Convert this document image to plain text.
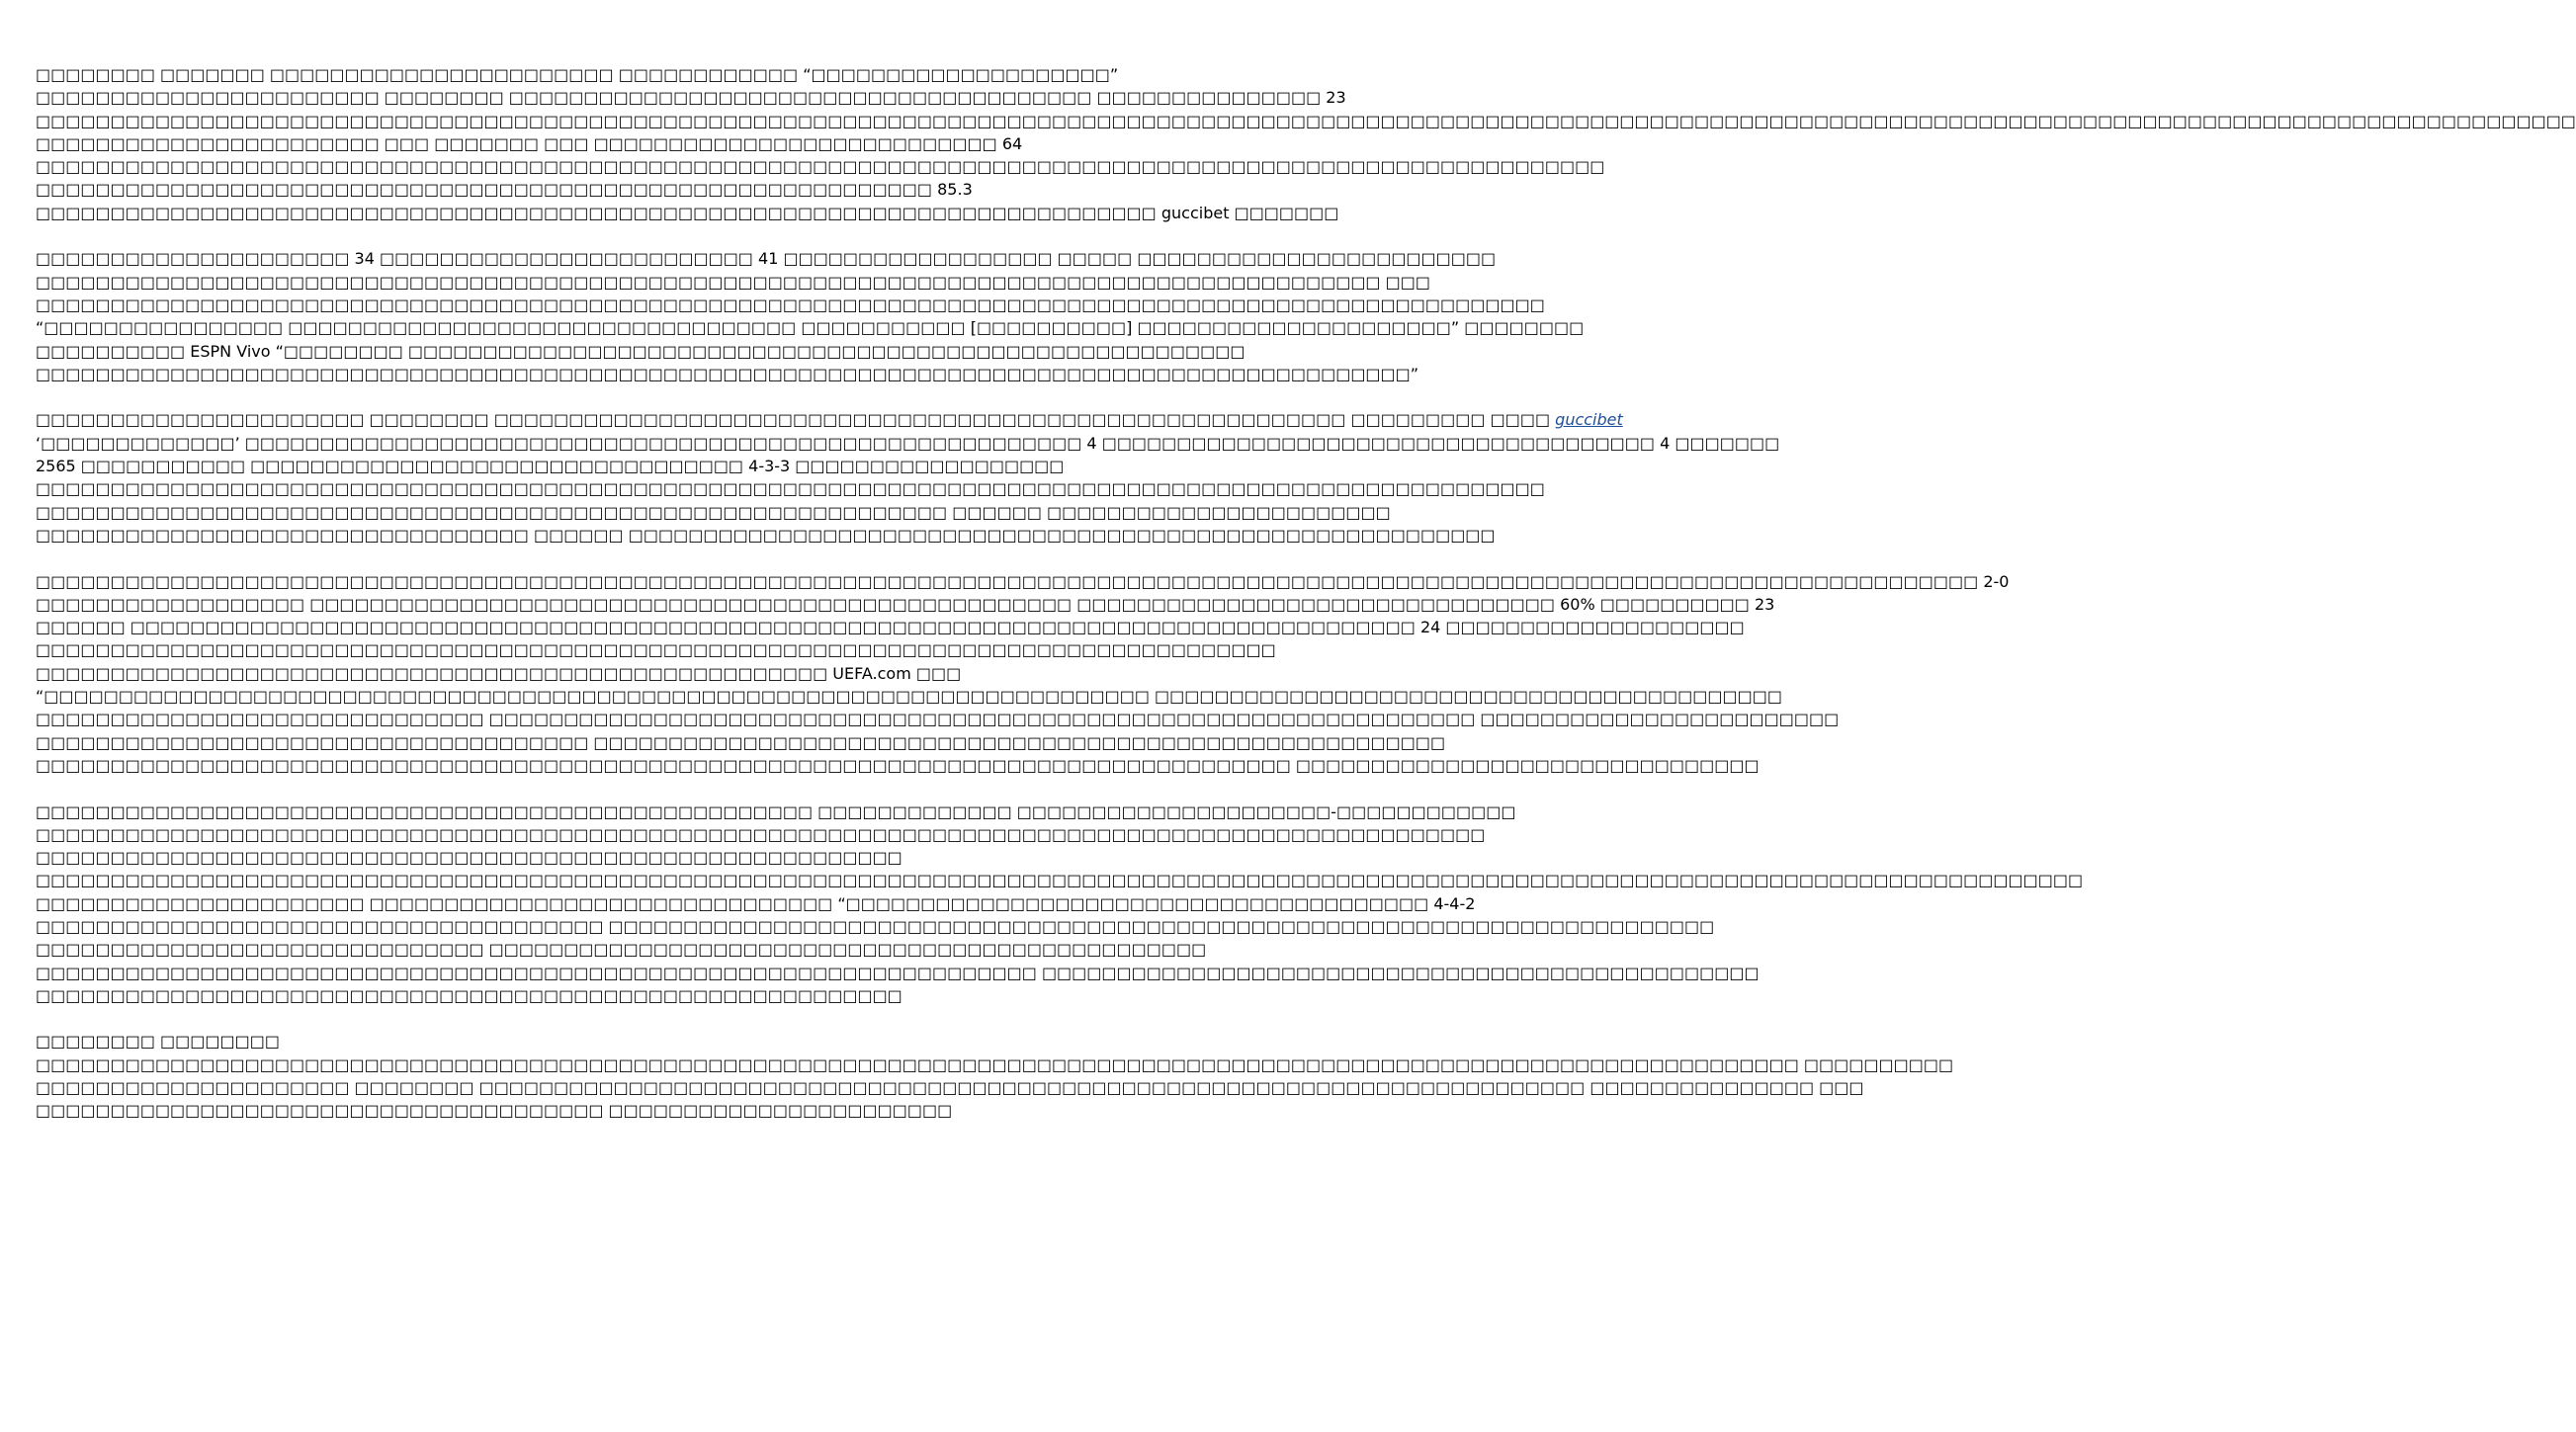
□□□□□□□□ □□□□□□□ □□□□□□□□□□□□□□□□□□□□□□□ □□□□□□□□□□□□ “□□□□□□□□□□□□□□□□□□□□”
□□□□□□□□□□□□□□□□□□□□□□□ □□□□□□□□ □□□□□□□□□□□□□□□□□□□□□□□□□□□□□□□□□□□□□□□ □□□□□□□□□□□□□□□ 23
□□□□□□□□□□□□□□□□□□□□□□□□□□□□□□□□□□□□□□□□□□□□□□□□□□□□□□□□□□□□□□□□□□□□□□□□□□□□□□□□□□□□□□□□□□□□□□□□□□□□□□□□□□□□□□□□□□□□□□□□□□□□□□□□□□□□□□□□□□□□□□□□□□□□□□□□□□□□□□□□□□□□□□□□□□
□□□□□□□□□□□□□□□□□□□□□□□ □□□ □□□□□□□ □□□ □□□□□□□□□□□□□□□□□□□□□□□□□□□ 64
□□□□□□□□□□□□□□□□□□□□□□□□□□□□□□□□□□□□□□□□□□□□□□□□□□□□□□□□□□□□□□□□□□□□□□□□□□□□□□□□□□□□□□□□□□□□□□□□□□□□□□□□□
□□□□□□□□□□□□□□□□□□□□□□□□□□□□□□□□□□□□□□□□□□□□□□□□□□□□□□□□□□□□ 85.3
□□□□□□□□□□□□□□□□□□□□□□□□□□□□□□□□□□□□□□□□□□□□□□□□□□□□□□□□□□□□□□□□□□□□□□□□□□□ guccibet □□□□□□□
□□□□□□□□□□□□□□□□□□□□□ 34 □□□□□□□□□□□□□□□□□□□□□□□□□ 41 □□□□□□□□□□□□□□□□□□ □□□□□ □□□□□□□□□□□□□□□□□□□□□□□□
□□□□□□□□□□□□□□□□□□□□□□□□□□□□□□□□□□□□□□□□□□□□□□□□□□□□□□□□□□□□□□□□□□□□□□□□□□□□□□□□□□□□□□□□□□ □□□
□□□□□□□□□□□□□□□□□□□□□□□□□□□□□□□□□□□□□□□□□□□□□□□□□□□□□□□□□□□□□□□□□□□□□□□□□□□□□□□□□□□□□□□□□□□□□□□□□□□□□
“□□□□□□□□□□□□□□□□ □□□□□□□□□□□□□□□□□□□□□□□□□□□□□□□□□□ □□□□□□□□□□□ [□□□□□□□□□□] □□□□□□□□□□□□□□□□□□□□□” □□□□□□□□
□□□□□□□□□□ ESPN Vivo “□□□□□□□□ □□□□□□□□□□□□□□□□□□□□□□□□□□□□□□□□□□□□□□□□□□□□□□□□□□□□□□□□
□□□□□□□□□□□□□□□□□□□□□□□□□□□□□□□□□□□□□□□□□□□□□□□□□□□□□□□□□□□□□□□□□□□□□□□□□□□□□□□□□□□□□□□□□□□□”
□□□□□□□□□□□□□□□□□□□□□□ □□□□□□□□ □□□□□□□□□□□□□□□□□□□□□□□□□□□□□□□□□□□□□□□□□□□□□□□□□□□□□□□□□ □□□□□□□□□ □□□□ guccibet
‘□□□□□□□□□□□□□’ □□□□□□□□□□□□□□□□□□□□□□□□□□□□□□□□□□□□□□□□□□□□□□□□□□□□□□□□ 4 □□□□□□□□□□□□□□□□□□□□□□□□□□□□□□□□□□□□□ 4 □□□□□□□
2565 □□□□□□□□□□□ □□□□□□□□□□□□□□□□□□□□□□□□□□□□□□□□□ 4-3-3 □□□□□□□□□□□□□□□□□□
□□□□□□□□□□□□□□□□□□□□□□□□□□□□□□□□□□□□□□□□□□□□□□□□□□□□□□□□□□□□□□□□□□□□□□□□□□□□□□□□□□□□□□□□□□□□□□□□□□□□□
□□□□□□□□□□□□□□□□□□□□□□□□□□□□□□□□□□□□□□□□□□□□□□□□□□□□□□□□□□□□□ □□□□□□ □□□□□□□□□□□□□□□□□□□□□□□
□□□□□□□□□□□□□□□□□□□□□□□□□□□□□□□□□ □□□□□□ □□□□□□□□□□□□□□□□□□□□□□□□□□□□□□□□□□□□□□□□□□□□□□□□□□□□□□□□□□
□□□□□□□□□□□□□□□□□□□□□□□□□□□□□□□□□□□□□□□□□□□□□□□□□□□□□□□□□□□□□□□□□□□□□□□□□□□□□□□□□□□□□□□□□□□□□□□□□□□□□□□□□□□□□□□□□□□□□□□□□□□□□□□□□□ 2-0
□□□□□□□□□□□□□□□□□□ □□□□□□□□□□□□□□□□□□□□□□□□□□□□□□□□□□□□□□□□□□□□□□□□□□□ □□□□□□□□□□□□□□□□□□□□□□□□□□□□□□□□ 60% □□□□□□□□□□ 23
□□□□□□ □□□□□□□□□□□□□□□□□□□□□□□□□□□□□□□□□□□□□□□□□□□□□□□□□□□□□□□□□□□□□□□□□□□□□□□□□□□□□□□□□□□□□□ 24 □□□□□□□□□□□□□□□□□□□□
□□□□□□□□□□□□□□□□□□□□□□□□□□□□□□□□□□□□□□□□□□□□□□□□□□□□□□□□□□□□□□□□□□□□□□□□□□□□□□□□□□□
□□□□□□□□□□□□□□□□□□□□□□□□□□□□□□□□□□□□□□□□□□□□□□□□□□□□□ UEFA.com □□□
“□□□□□□□□□□□□□□□□□□□□□□□□□□□□□□□□□□□□□□□□□□□□□□□□□□□□□□□□□□□□□□□□□□□□□□□□□□ □□□□□□□□□□□□□□□□□□□□□□□□□□□□□□□□□□□□□□□□□□
□□□□□□□□□□□□□□□□□□□□□□□□□□□□□□ □□□□□□□□□□□□□□□□□□□□□□□□□□□□□□□□□□□□□□□□□□□□□□□□□□□□□□□□□□□□□□□□□□ □□□□□□□□□□□□□□□□□□□□□□□□
□□□□□□□□□□□□□□□□□□□□□□□□□□□□□□□□□□□□□ □□□□□□□□□□□□□□□□□□□□□□□□□□□□□□□□□□□□□□□□□□□□□□□□□□□□□□□□□
□□□□□□□□□□□□□□□□□□□□□□□□□□□□□□□□□□□□□□□□□□□□□□□□□□□□□□□□□□□□□□□□□□□□□□□□□□□□□□□□□□□□ □□□□□□□□□□□□□□□□□□□□□□□□□□□□□□□
□□□□□□□□□□□□□□□□□□□□□□□□□□□□□□□□□□□□□□□□□□□□□□□□□□□□ □□□□□□□□□□□□□ □□□□□□□□□□□□□□□□□□□□□-□□□□□□□□□□□□
□□□□□□□□□□□□□□□□□□□□□□□□□□□□□□□□□□□□□□□□□□□□□□□□□□□□□□□□□□□□□□□□□□□□□□□□□□□□□□□□□□□□□□□□□□□□□□□□□
□□□□□□□□□□□□□□□□□□□□□□□□□□□□□□□□□□□□□□□□□□□□□□□□□□□□□□□□□□
□□□□□□□□□□□□□□□□□□□□□□□□□□□□□□□□□□□□□□□□□□□□□□□□□□□□□□□□□□□□□□□□□□□□□□□□□□□□□□□□□□□□□□□□□□□□□□□□□□□□□□□□□□□□□□□□□□□□□□□□□□□□□□□□□□□□□□□□□
□□□□□□□□□□□□□□□□□□□□□□ □□□□□□□□□□□□□□□□□□□□□□□□□□□□□□□ “□□□□□□□□□□□□□□□□□□□□□□□□□□□□□□□□□□□□□□□ 4-4-2
□□□□□□□□□□□□□□□□□□□□□□□□□□□□□□□□□□□□□□ □□□□□□□□□□□□□□□□□□□□□□□□□□□□□□□□□□□□□□□□□□□□□□□□□□□□□□□□□□□□□□□□□□□□□□□□□□
□□□□□□□□□□□□□□□□□□□□□□□□□□□□□□ □□□□□□□□□□□□□□□□□□□□□□□□□□□□□□□□□□□□□□□□□□□□□□□□
□□□□□□□□□□□□□□□□□□□□□□□□□□□□□□□□□□□□□□□□□□□□□□□□□□□□□□□□□□□□□□□□□□□ □□□□□□□□□□□□□□□□□□□□□□□□□□□□□□□□□□□□□□□□□□□□□□□□
□□□□□□□□□□□□□□□□□□□□□□□□□□□□□□□□□□□□□□□□□□□□□□□□□□□□□□□□□□
□□□□□□□□ □□□□□□□□
□□□□□□□□□□□□□□□□□□□□□□□□□□□□□□□□□□□□□□□□□□□□□□□□□□□□□□□□□□□□□□□□□□□□□□□□□□□□□□□□□□□□□□□□□□□□□□□□□□□□□□□□□□□□□□□□□□□□□□ □□□□□□□□□□
□□□□□□□□□□□□□□□□□□□□□ □□□□□□□□ □□□□□□□□□□□□□□□□□□□□□□□□□□□□□□□□□□□□□□□□□□□□□□□□□□□□□□□□□□□□□□□□□□□□□□□□□□ □□□□□□□□□□□□□□□ □□□
□□□□□□□□□□□□□□□□□□□□□□□□□□□□□□□□□□□□□□ □□□□□□□□□□□□□□□□□□□□□□□
